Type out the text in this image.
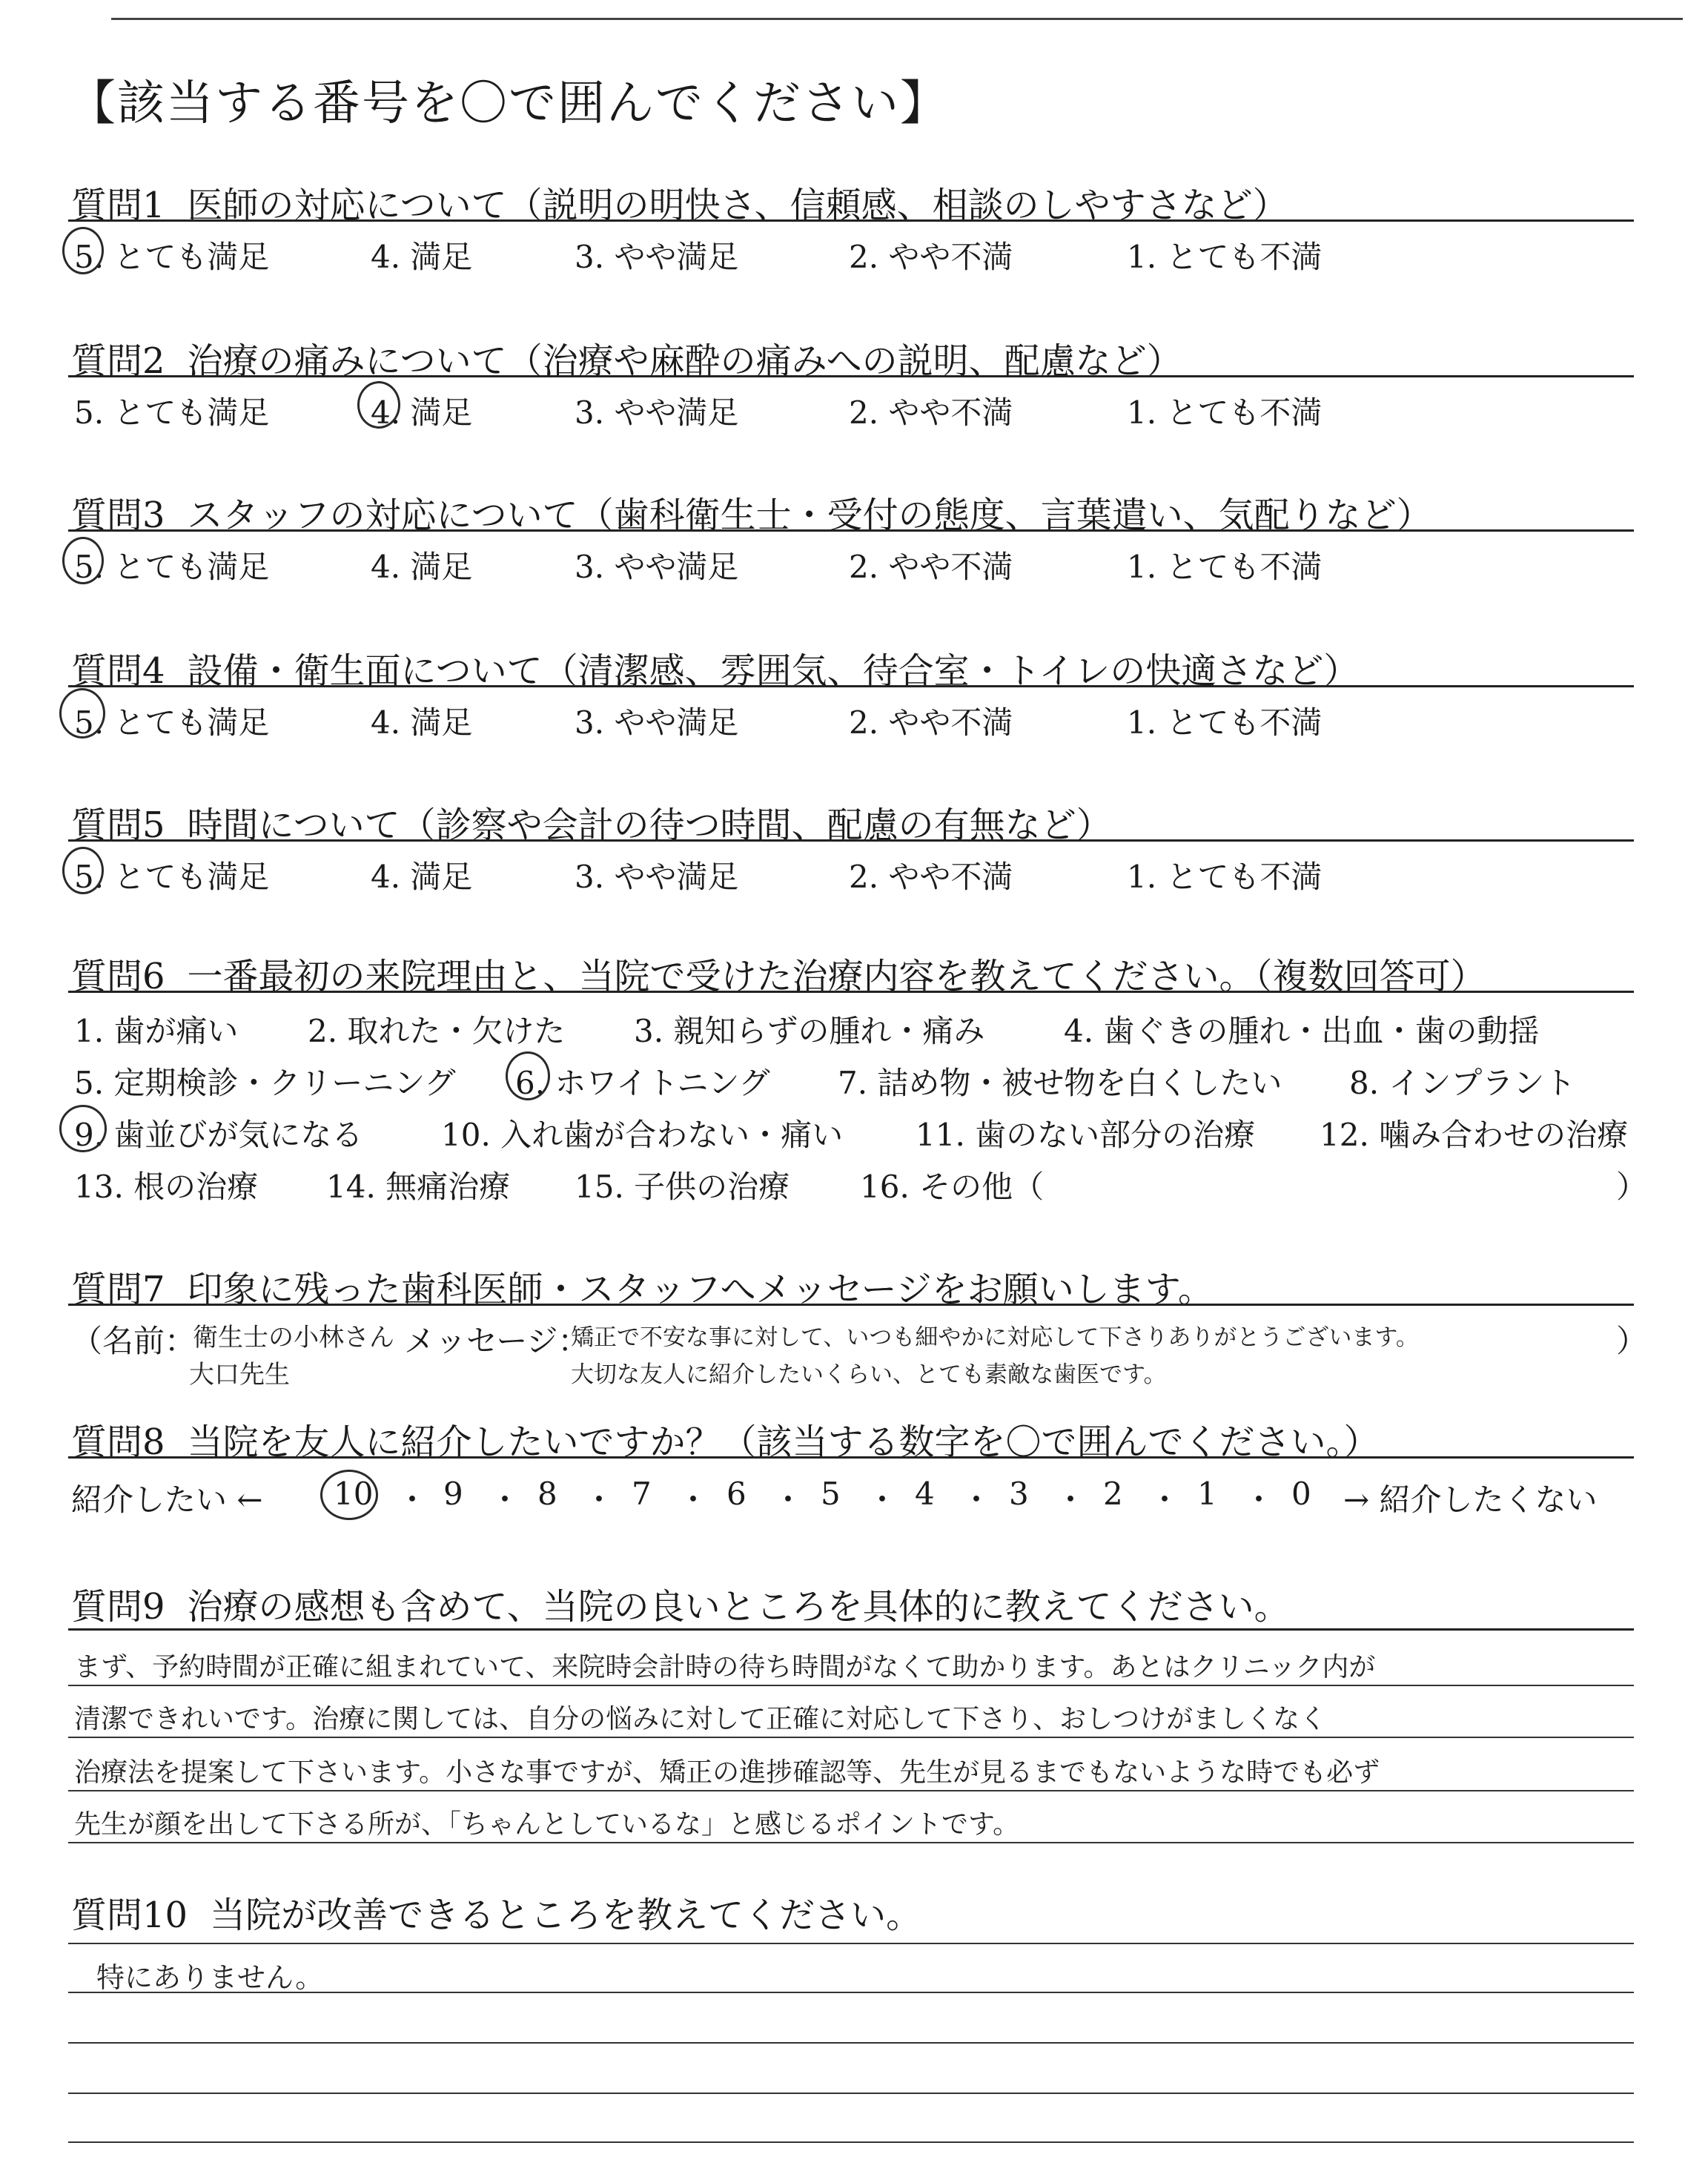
【該当する番号を〇で囲んでください】
質問1 医師の対応について（説明の明快さ、信頼感、相談のしやすさなど）
5. とても満足	4. 満足	3. やや満足	2. やや不満	1. とても不満
質問2 治療の痛みについて（治療や麻酔の痛みへの説明、配慮など）
5. とても満足	4. 満足	3. やや満足	2. やや不満	1. とても不満
質問3 スタッフの対応について（歯科衛生士・受付の態度、言葉遣い、気配りなど）
5. とても満足	4. 満足	3. やや満足	2. やや不満	1. とても不満
質問4 設備・衛生面について（清潔感、雰囲気、待合室・トイレの快適さなど）
5. とても満足	4. 満足	3. やや満足	2. やや不満	1. とても不満
質問5 時間について（診察や会計の待つ時間、配慮の有無など）
5. とても満足	4. 満足	3. やや満足	2. やや不満	1. とても不満
質問6 一番最初の来院理由と、当院で受けた治療内容を教えてください。（複数回答可）
1. 歯が痛い 2. 取れた・欠けた 3. 親知らずの腫れ・痛み	4. 歯ぐきの腫れ・出血・歯の動揺
5. 定期検診・クリーニング 6. ホワイトニング 7. 詰め物・被せ物を白くしたい 8. インプラント
9. 歯並びが気になる	10. 入れ歯が合わない・痛い 11. 歯のない部分の治療 12. 噛み合わせの治療
13. 根の治療 14. 無痛治療 15. 子供の治療 16. その他（	）
質問7 印象に残った歯科医師・スタッフへメッセージをお願いします。
（名前：
衛生士の小林さん
大口先生
メッセージ：
矯正で不安な事に対して、いつも細やかに対応して下さりありがとうございます。
大切な友人に紹介したいくらい、とても素敵な歯医です。
）
質問8 当院を友人に紹介したいですか？（該当する数字を〇で囲んでください。）
紹介したい ← 10 ・ 9 ・ 8 ・ 7 ・ 6 ・ 5 ・ 4 ・ 3 ・ 2 ・ 1 ・ 0 → 紹介したくない
質問9 治療の感想も含めて、当院の良いところを具体的に教えてください。
まず、予約時間が正確に組まれていて、来院時会計時の待ち時間がなくて助かります。あとはクリニック内が
清潔できれいです。治療に関しては、自分の悩みに対して正確に対応して下さり、おしつけがましくなく
治療法を提案して下さいます。小さな事ですが、矯正の進捗確認等、先生が見るまでもないような時でも必ず
先生が顔を出して下さる所が、「ちゃんとしているな」と感じるポイントです。
質問10 当院が改善できるところを教えてください。
特にありません。
